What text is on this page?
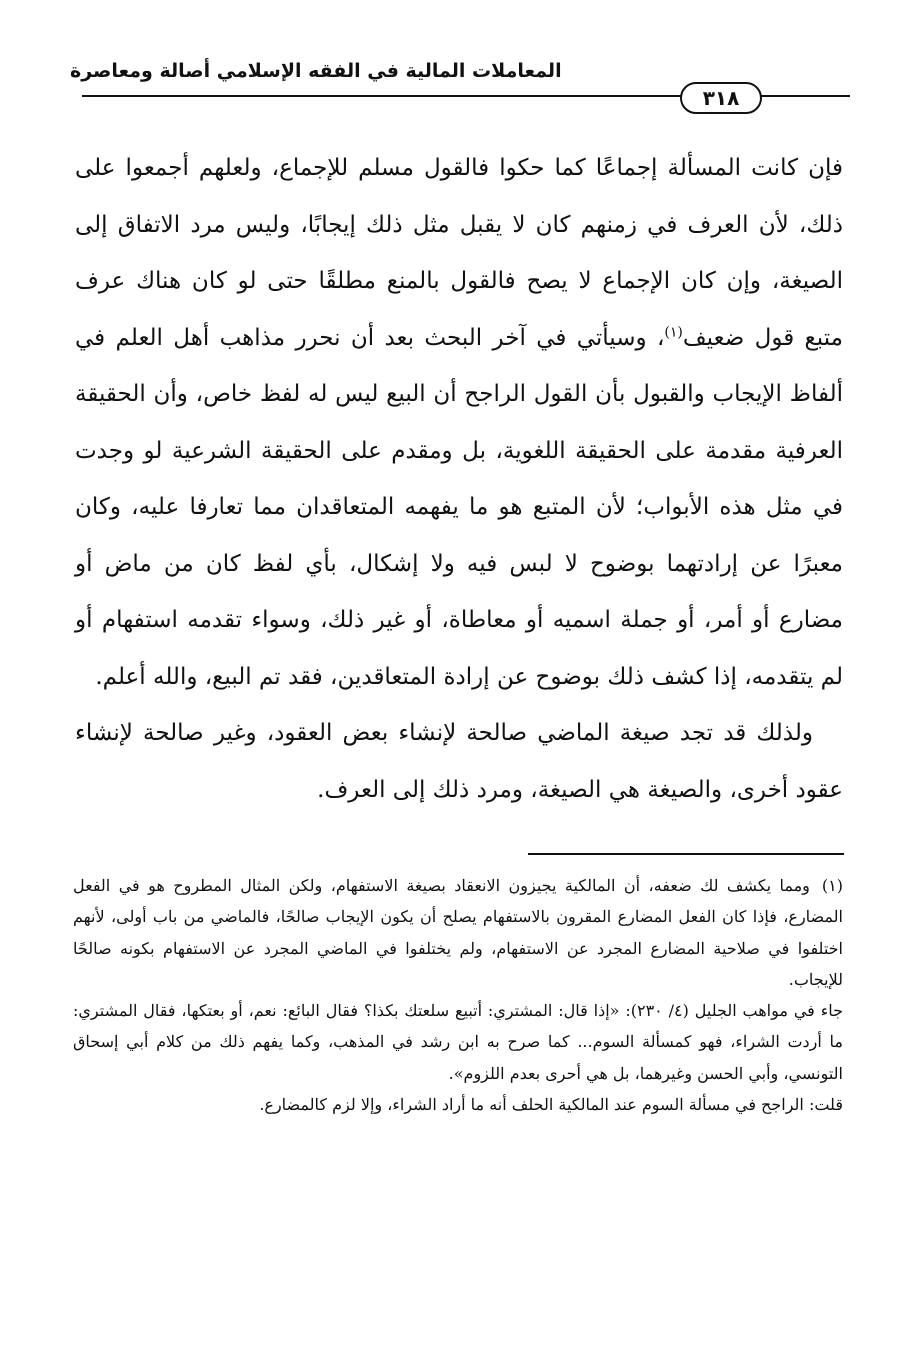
المعاملات المالية في الفقه الإسلامي أصالة ومعاصرة
٣١٨

فإن كانت المسألة إجماعًا كما حكوا فالقول مسلم للإجماع، ولعلهم أجمعوا على ذلك، لأن العرف في زمنهم كان لا يقبل مثل ذلك إيجابًا، وليس مرد الاتفاق إلى الصيغة، وإن كان الإجماع لا يصح فالقول بالمنع مطلقًا حتى لو كان هناك عرف متبع قول ضعيف$^{(١)}$، وسيأتي في آخر البحث بعد أن نحرر مذاهب أهل العلم في ألفاظ الإيجاب والقبول بأن القول الراجح أن البيع ليس له لفظ خاص، وأن الحقيقة العرفية مقدمة على الحقيقة اللغوية، بل ومقدم على الحقيقة الشرعية لو وجدت في مثل هذه الأبواب؛ لأن المتبع هو ما يفهمه المتعاقدان مما تعارفا عليه، وكان معبرًا عن إرادتهما بوضوح لا لبس فيه ولا إشكال، بأي لفظ كان من ماض أو مضارع أو أمر، أو جملة اسميه أو معاطاة، أو غير ذلك، وسواء تقدمه استفهام أو لم يتقدمه، إذا كشف ذلك بوضوح عن إرادة المتعاقدين، فقد تم البيع، والله أعلم.

ولذلك قد تجد صيغة الماضي صالحة لإنشاء بعض العقود، وغير صالحة لإنشاء عقود أخرى، والصيغة هي الصيغة، ومرد ذلك إلى العرف.

(١)ومما يكشف لك ضعفه، أن المالكية يجيزون الانعقاد بصيغة الاستفهام، ولكن المثال المطروح هو في الفعل المضارع، فإذا كان الفعل المضارع المقرون بالاستفهام يصلح أن يكون الإيجاب صالحًا، فالماضي من باب أولى، لأنهم اختلفوا في صلاحية المضارع المجرد عن الاستفهام، ولم يختلفوا في الماضي المجرد عن الاستفهام بكونه صالحًا للإيجاب.

جاء في مواهب الجليل (٤/ ٢٣٠): «إذا قال: المشتري: أتبيع سلعتك بكذا؟ فقال البائع: نعم، أو بعتكها، فقال المشتري: ما أردت الشراء، فهو كمسألة السوم... كما صرح به ابن رشد في المذهب، وكما يفهم ذلك من كلام أبي إسحاق التونسي، وأبي الحسن وغيرهما، بل هي أحرى بعدم اللزوم».

قلت: الراجح في مسألة السوم عند المالكية الحلف أنه ما أراد الشراء، وإلا لزم كالمضارع.
